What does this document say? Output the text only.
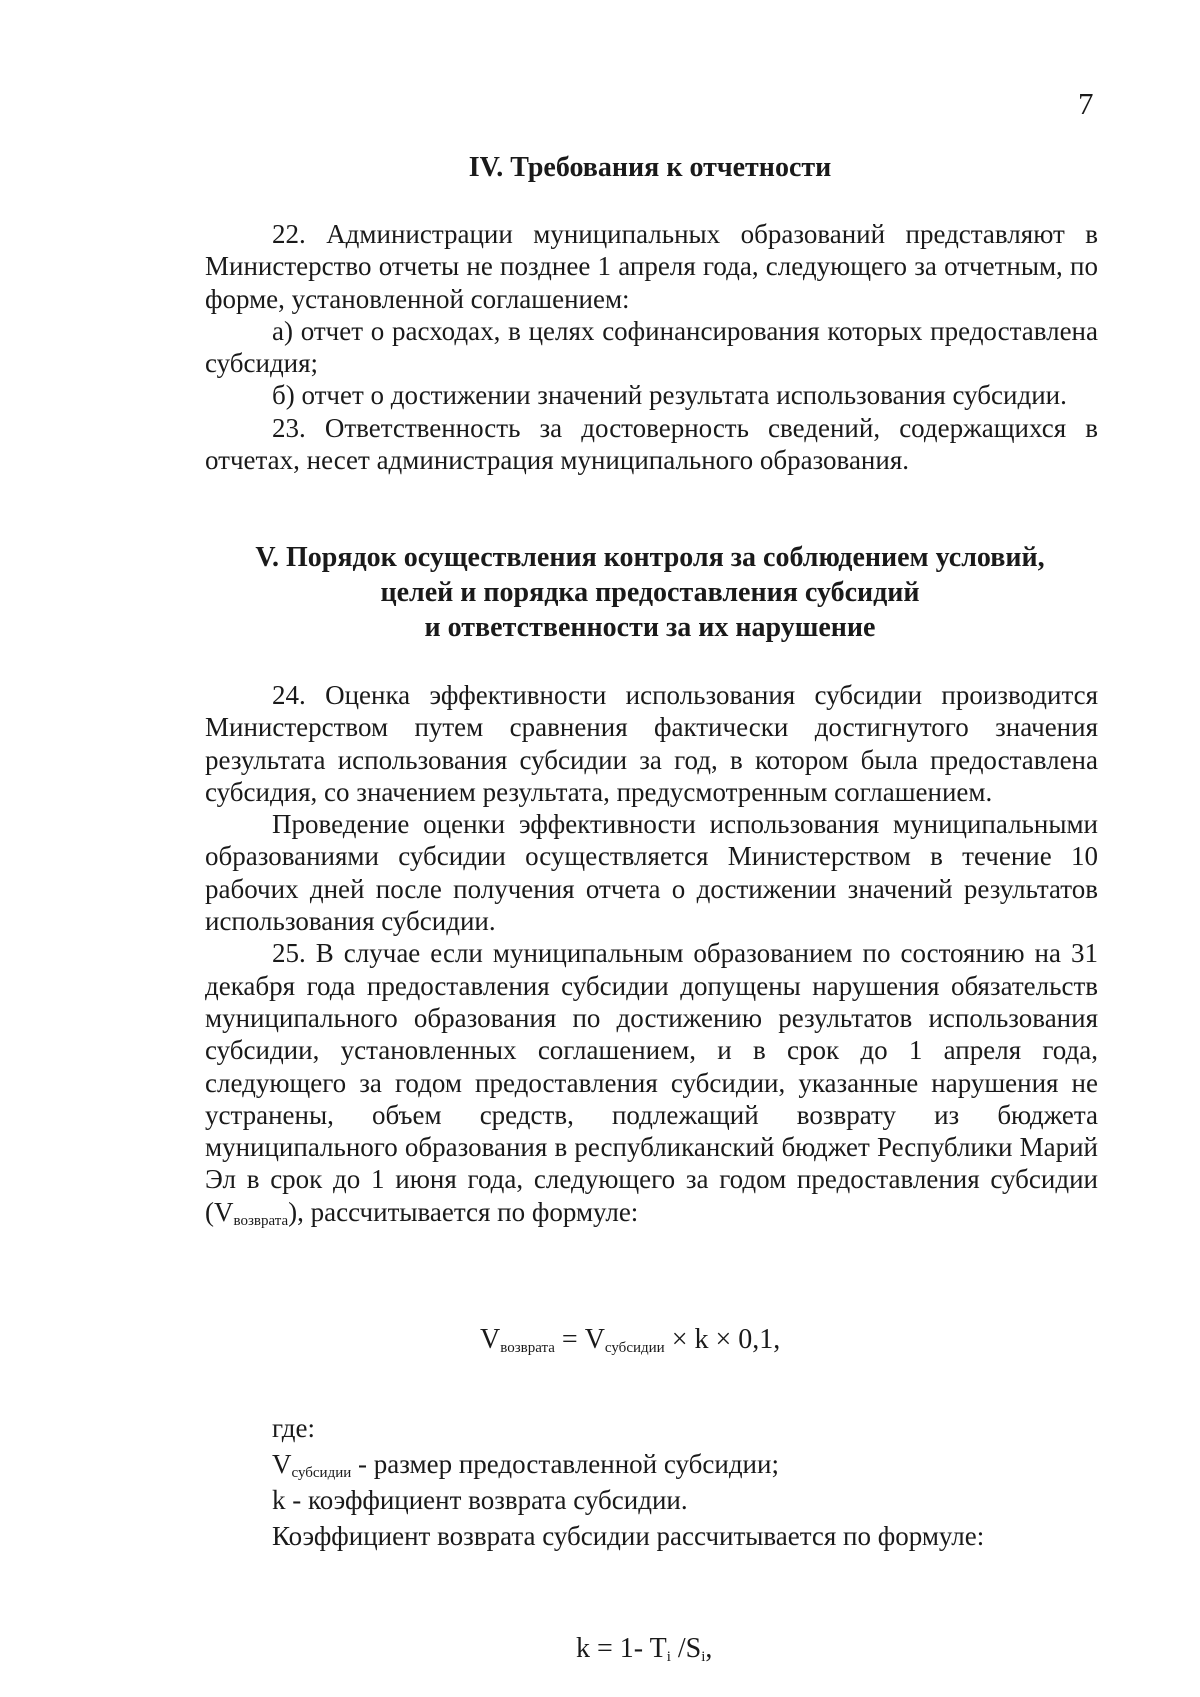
7
IV. Требования к отчетности

22. Администрации муниципальных образований представляют в Министерство отчеты не позднее 1 апреля года, следующего за отчетным, по форме, установленной соглашением:

а) отчет о расходах, в целях софинансирования которых предоставлена субсидия;

б) отчет о достижении значений результата использования субсидии.

23. Ответственность за достоверность сведений, содержащихся в отчетах, несет администрация муниципального образования.

V. Порядок осуществления контроля за соблюдением условий,
целей и порядка предоставления субсидий
и ответственности за их нарушение

24. Оценка эффективности использования субсидии производится Министерством путем сравнения фактически достигнутого значения результата использования субсидии за год, в котором была предоставлена субсидия, со значением результата, предусмотренным соглашением.

Проведение оценки эффективности использования муниципальными образованиями субсидии осуществляется Министерством в течение 10 рабочих дней после получения отчета о достижении значений результатов использования субсидии.

25. В случае если муниципальным образованием по состоянию на 31 декабря года предоставления субсидии допущены нарушения обязательств муниципального образования по достижению результатов использования субсидии, установленных соглашением, и в срок до 1 апреля года, следующего за годом предоставления субсидии, указанные нарушения не устранены, объем средств, подлежащий возврату из бюджета муниципального образования в республиканский бюджет Республики Марий Эл в срок до 1 июня года, следующего за годом предоставления субсидии $(V_{возврата})$, рассчитывается по формуле:

$V_{возврата} = V_{субсидии} \times k \times 0,1$,
где:
$V_{субсидии}$ - размер предоставленной субсидии;
k - коэффициент возврата субсидии.
Коэффициент возврата субсидии рассчитывается по формуле:
k = 1- $T_i$ $/S_i$,
